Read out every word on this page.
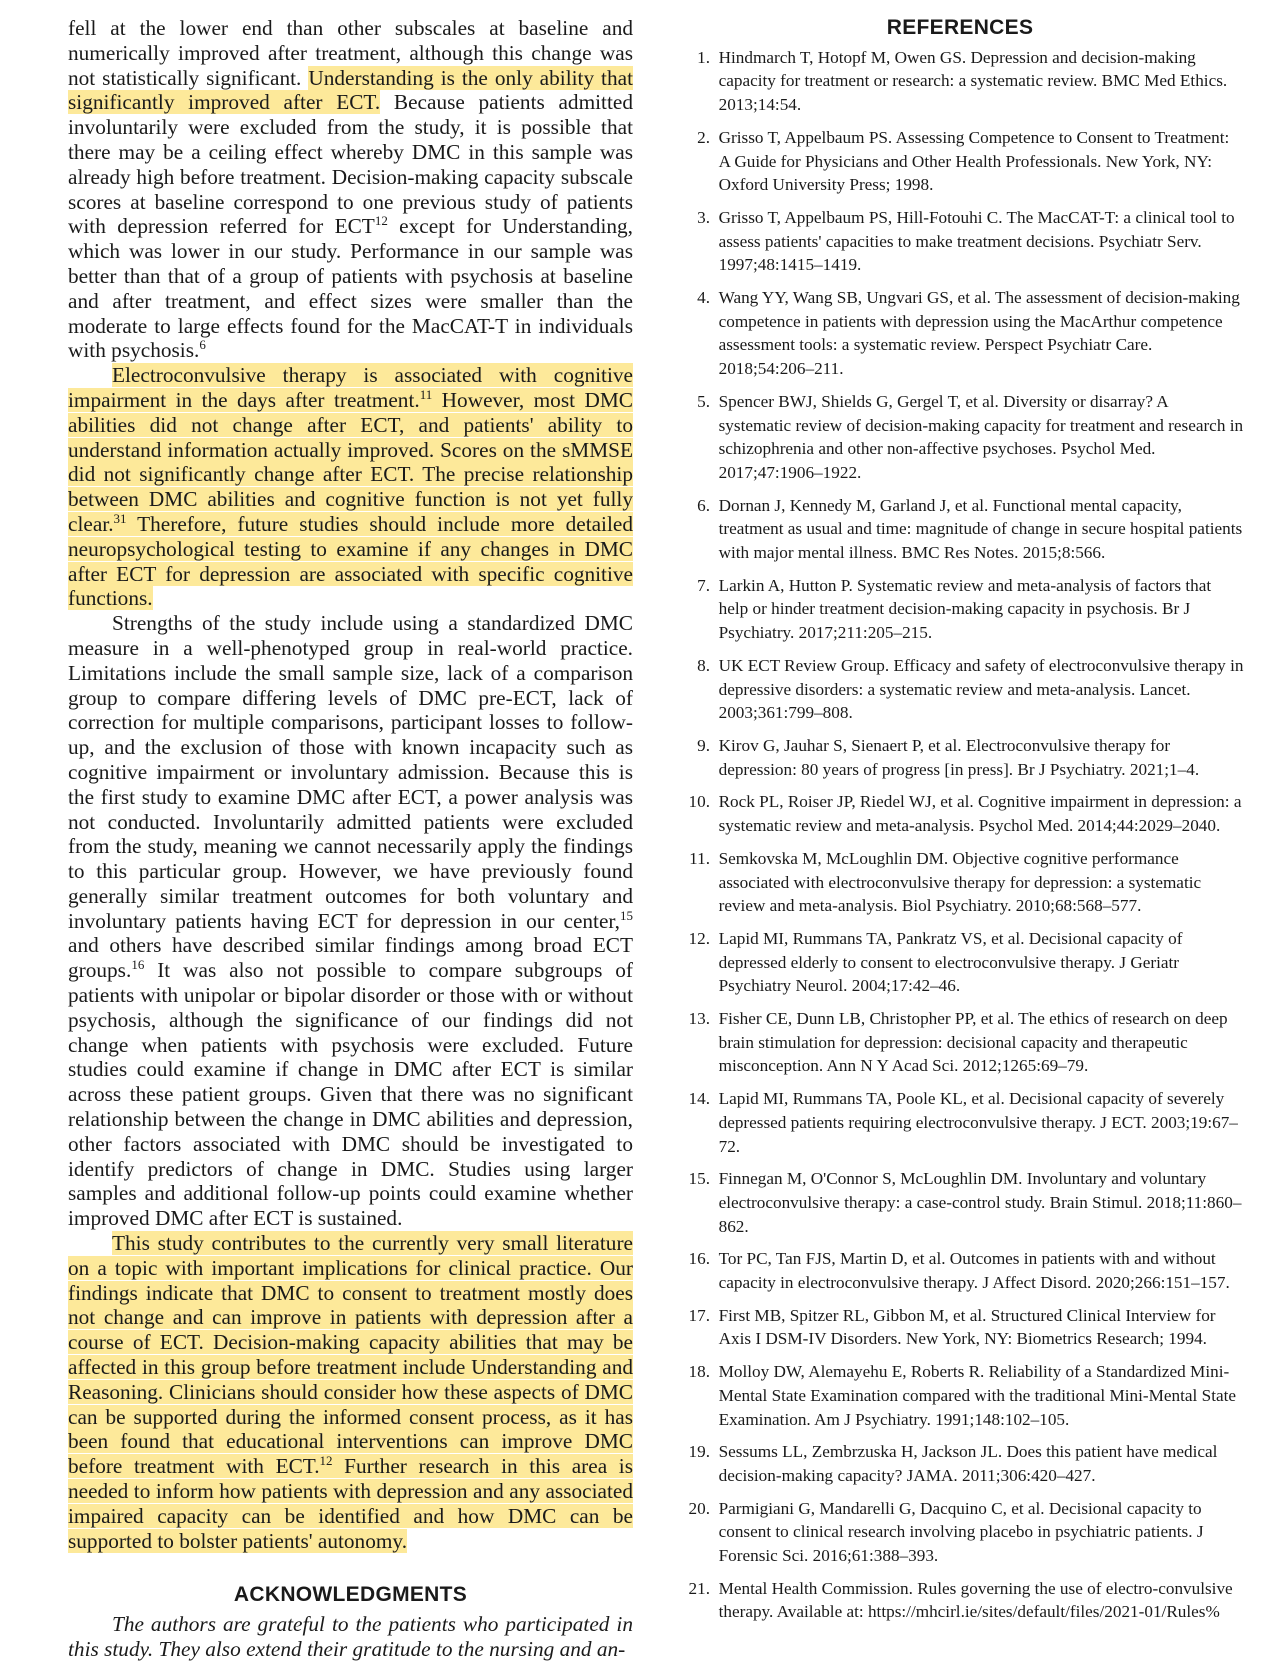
fell at the lower end than other subscales at baseline and numerically improved after treatment, although this change was not statistically significant. Understanding is the only ability that significantly improved after ECT. Because patients admitted involuntarily were excluded from the study, it is possible that there may be a ceiling effect whereby DMC in this sample was already high before treatment. Decision-making capacity subscale scores at baseline correspond to one previous study of patients with depression referred for ECT$^{12}$ except for Understanding, which was lower in our study. Performance in our sample was better than that of a group of patients with psychosis at baseline and after treatment, and effect sizes were smaller than the moderate to large effects found for the MacCAT-T in individuals with psychosis.$^6$

Electroconvulsive therapy is associated with cognitive impairment in the days after treatment.$^{11}$ However, most DMC abilities did not change after ECT, and patients' ability to understand information actually improved. Scores on the sMMSE did not significantly change after ECT. The precise relationship between DMC abilities and cognitive function is not yet fully clear.$^{31}$ Therefore, future studies should include more detailed neuropsychological testing to examine if any changes in DMC after ECT for depression are associated with specific cognitive functions.

Strengths of the study include using a standardized DMC measure in a well-phenotyped group in real-world practice. Limitations include the small sample size, lack of a comparison group to compare differing levels of DMC pre-ECT, lack of correction for multiple comparisons, participant losses to follow-up, and the exclusion of those with known incapacity such as cognitive impairment or involuntary admission. Because this is the first study to examine DMC after ECT, a power analysis was not conducted. Involuntarily admitted patients were excluded from the study, meaning we cannot necessarily apply the findings to this particular group. However, we have previously found generally similar treatment outcomes for both voluntary and involuntary patients having ECT for depression in our center,$^{15}$ and others have described similar findings among broad ECT groups.$^{16}$ It was also not possible to compare subgroups of patients with unipolar or bipolar disorder or those with or without psychosis, although the significance of our findings did not change when patients with psychosis were excluded. Future studies could examine if change in DMC after ECT is similar across these patient groups. Given that there was no significant relationship between the change in DMC abilities and depression, other factors associated with DMC should be investigated to identify predictors of change in DMC. Studies using larger samples and additional follow-up points could examine whether improved DMC after ECT is sustained.

This study contributes to the currently very small literature on a topic with important implications for clinical practice. Our findings indicate that DMC to consent to treatment mostly does not change and can improve in patients with depression after a course of ECT. Decision-making capacity abilities that may be affected in this group before treatment include Understanding and Reasoning. Clinicians should consider how these aspects of DMC can be supported during the informed consent process, as it has been found that educational interventions can improve DMC before treatment with ECT.$^{12}$ Further research in this area is needed to inform how patients with depression and any associated impaired capacity can be identified and how DMC can be supported to bolster patients' autonomy.

ACKNOWLEDGMENTS

The authors are grateful to the patients who participated in this study. They also extend their gratitude to the nursing and an-

REFERENCES
1.
Hindmarch T, Hotopf M, Owen GS. Depression and decision-making capacity for treatment or research: a systematic review. BMC Med Ethics. 2013;14:54.
2.
Grisso T, Appelbaum PS. Assessing Competence to Consent to Treatment: A Guide for Physicians and Other Health Professionals. New York, NY: Oxford University Press; 1998.
3.
Grisso T, Appelbaum PS, Hill-Fotouhi C. The MacCAT-T: a clinical tool to assess patients' capacities to make treatment decisions. Psychiatr Serv. 1997;48:1415–1419.
4.
Wang YY, Wang SB, Ungvari GS, et al. The assessment of decision-making competence in patients with depression using the MacArthur competence assessment tools: a systematic review. Perspect Psychiatr Care. 2018;54:206–211.
5.
Spencer BWJ, Shields G, Gergel T, et al. Diversity or disarray? A systematic review of decision-making capacity for treatment and research in schizophrenia and other non-affective psychoses. Psychol Med. 2017;47:1906–1922.
6.
Dornan J, Kennedy M, Garland J, et al. Functional mental capacity, treatment as usual and time: magnitude of change in secure hospital patients with major mental illness. BMC Res Notes. 2015;8:566.
7.
Larkin A, Hutton P. Systematic review and meta-analysis of factors that help or hinder treatment decision-making capacity in psychosis. Br J Psychiatry. 2017;211:205–215.
8.
UK ECT Review Group. Efficacy and safety of electroconvulsive therapy in depressive disorders: a systematic review and meta-analysis. Lancet. 2003;361:799–808.
9.
Kirov G, Jauhar S, Sienaert P, et al. Electroconvulsive therapy for depression: 80 years of progress [in press]. Br J Psychiatry. 2021;1–4.
10.
Rock PL, Roiser JP, Riedel WJ, et al. Cognitive impairment in depression: a systematic review and meta-analysis. Psychol Med. 2014;44:2029–2040.
11.
Semkovska M, McLoughlin DM. Objective cognitive performance associated with electroconvulsive therapy for depression: a systematic review and meta-analysis. Biol Psychiatry. 2010;68:568–577.
12.
Lapid MI, Rummans TA, Pankratz VS, et al. Decisional capacity of depressed elderly to consent to electroconvulsive therapy. J Geriatr Psychiatry Neurol. 2004;17:42–46.
13.
Fisher CE, Dunn LB, Christopher PP, et al. The ethics of research on deep brain stimulation for depression: decisional capacity and therapeutic misconception. Ann N Y Acad Sci. 2012;1265:69–79.
14.
Lapid MI, Rummans TA, Poole KL, et al. Decisional capacity of severely depressed patients requiring electroconvulsive therapy. J ECT. 2003;19:67–72.
15.
Finnegan M, O'Connor S, McLoughlin DM. Involuntary and voluntary electroconvulsive therapy: a case-control study. Brain Stimul. 2018;11:860–862.
16.
Tor PC, Tan FJS, Martin D, et al. Outcomes in patients with and without capacity in electroconvulsive therapy. J Affect Disord. 2020;266:151–157.
17.
First MB, Spitzer RL, Gibbon M, et al. Structured Clinical Interview for Axis I DSM-IV Disorders. New York, NY: Biometrics Research; 1994.
18.
Molloy DW, Alemayehu E, Roberts R. Reliability of a Standardized Mini-Mental State Examination compared with the traditional Mini-Mental State Examination. Am J Psychiatry. 1991;148:102–105.
19.
Sessums LL, Zembrzuska H, Jackson JL. Does this patient have medical decision-making capacity? JAMA. 2011;306:420–427.
20.
Parmigiani G, Mandarelli G, Dacquino C, et al. Decisional capacity to consent to clinical research involving placebo in psychiatric patients. J Forensic Sci. 2016;61:388–393.
21.
Mental Health Commission. Rules governing the use of electro-convulsive therapy. Available at: https://mhcirl.ie/sites/default/files/2021-01/Rules%
